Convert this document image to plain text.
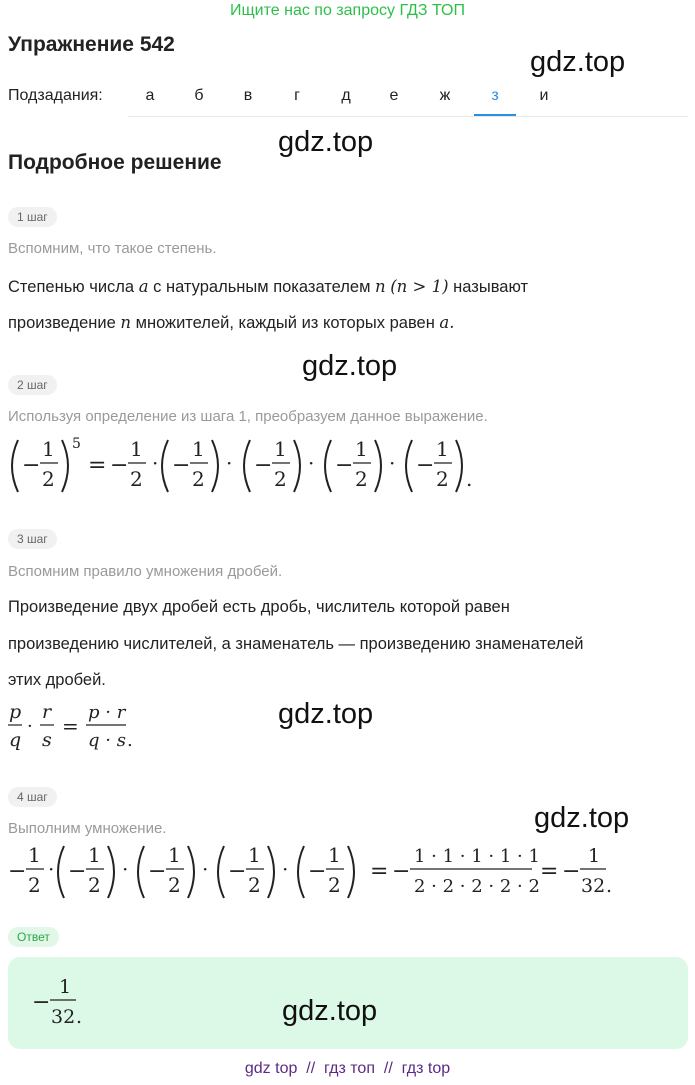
Ищите нас по запросу ГДЗ ТОП
Упражнение 542
gdz.top
Подзадания:	а	б	в	г	д	е	ж	з	и
Подробное решение
gdz.top
1 шаг
Вспомним, что такое степень.
Степенью числа a с натуральным показателем n (n > 1) называют
произведение n множителей, каждый из которых равен a.
gdz.top
2 шаг
Используя определение из шага 1, преобразуем данное выражение.
−
1
2
5
= −
1
2
· −
1
2
· −
1
2
· −
1
2
· −
1
2 .
3 шаг
Вспомним правило умножения дробей.
Произведение двух дробей есть дробь, числитель которой равен
произведению числителей, а знаменатель — произведению знаменателей
этих дробей.
p
q
·
r
s
=
p · r
q · s .
gdz.top
4 шаг
gdz.top
Выполним умножение.
−
1
2
· −
1
2
· −
1
2
· −
1
2
· −
1
2
= −
1 · 1 · 1 · 1 · 1
2 · 2 · 2 · 2 · 2
= −
1
32 .
Ответ
−
1
32 .	gdz.top
gdz top  //  гдз топ  //  гдз top
